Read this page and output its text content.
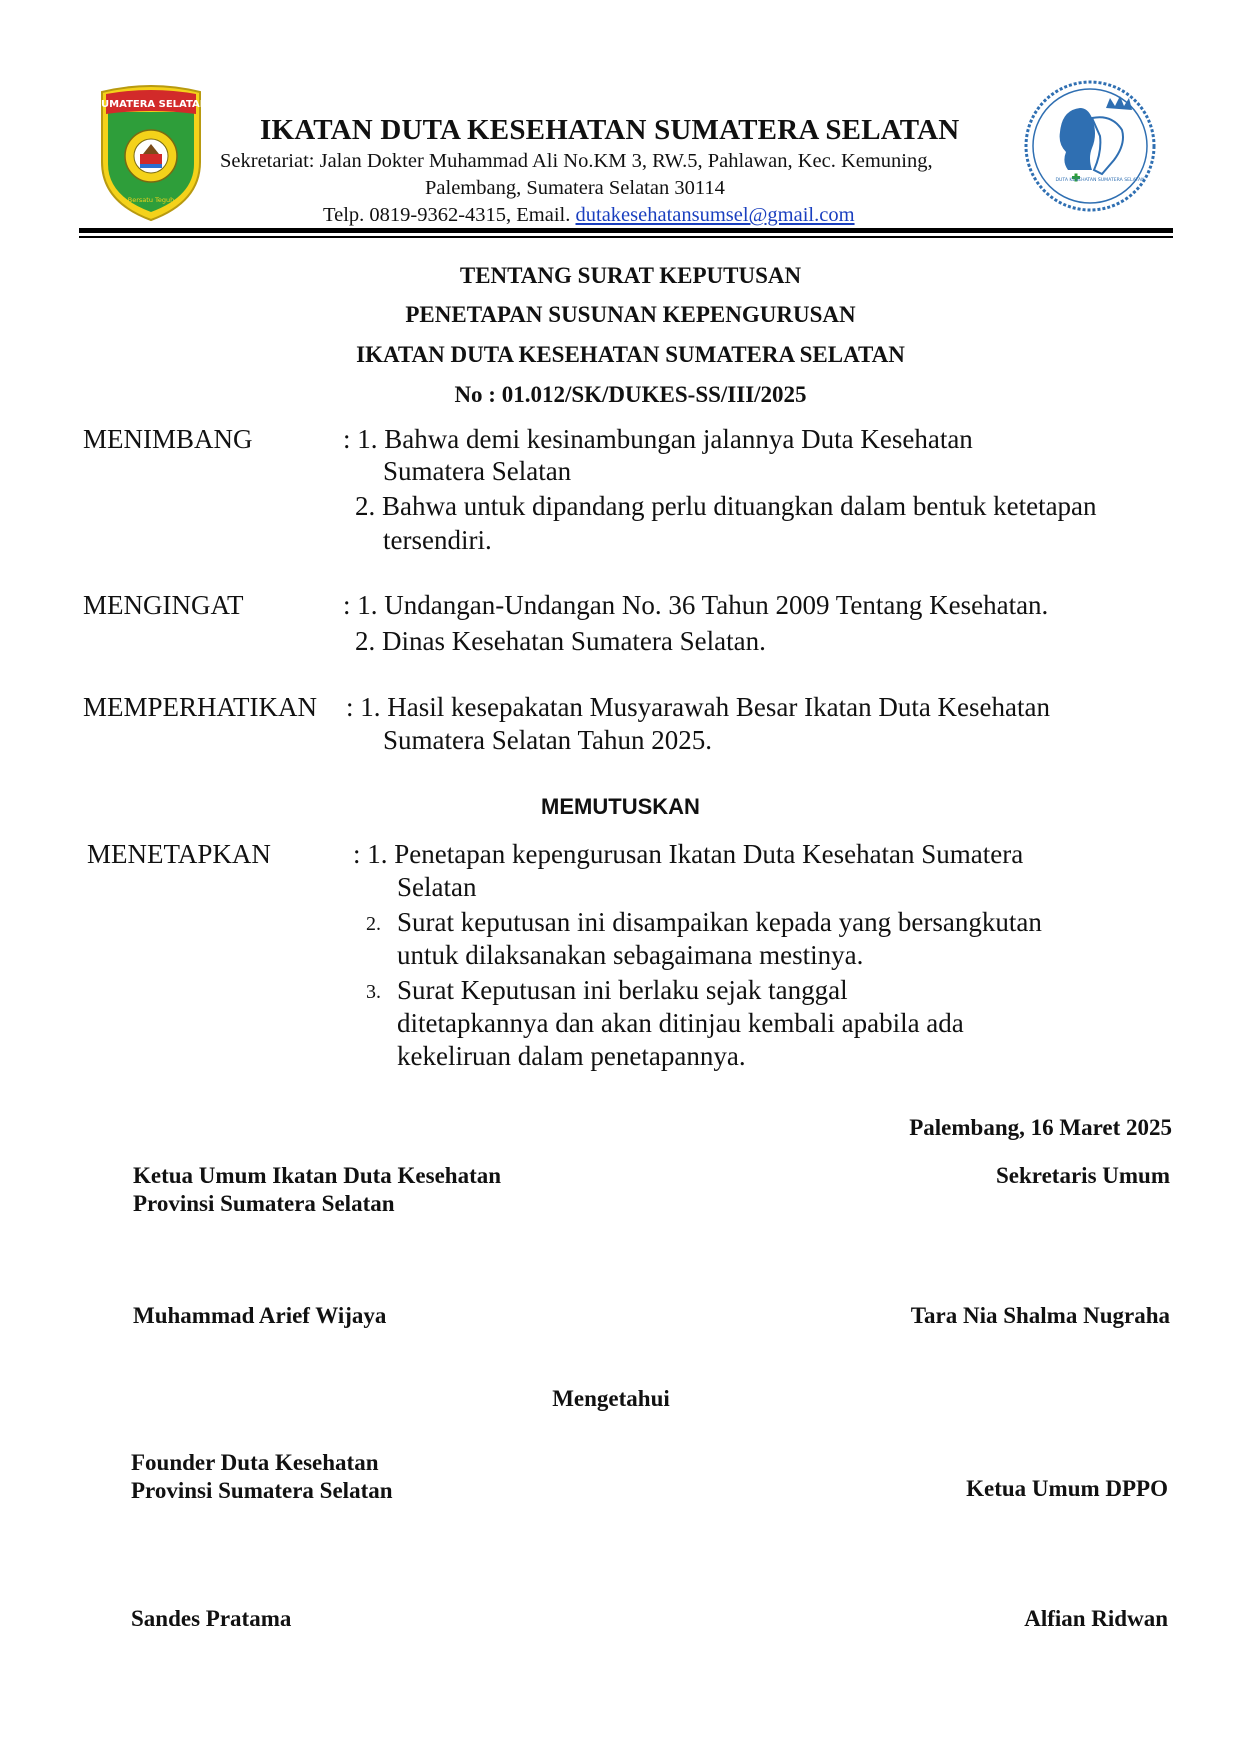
SUMATERA SELATAN
Bersatu Teguh
IKATAN DUTA KESEHATAN SUMATERA SELATAN
Sekretariat: Jalan Dokter Muhammad Ali No.KM 3, RW.5, Pahlawan, Kec. Kemuning,
Palembang, Sumatera Selatan 30114
Telp. 0819-9362-4315, Email. dutakesehatansumsel@gmail.com
DUTA KESEHATAN SUMATERA SELATAN
TENTANG SURAT KEPUTUSAN
PENETAPAN SUSUNAN KEPENGURUSAN
IKATAN DUTA KESEHATAN SUMATERA SELATAN
No : 01.012/SK/DUKES-SS/III/2025
MENIMBANG	: 1. Bahwa demi kesinambungan jalannya Duta Kesehatan
Sumatera Selatan
2. Bahwa untuk dipandang perlu dituangkan dalam bentuk ketetapan
tersendiri.
MENGINGAT	: 1. Undangan-Undangan No. 36 Tahun 2009 Tentang Kesehatan.
2. Dinas Kesehatan Sumatera Selatan.
MEMPERHATIKAN : 1. Hasil kesepakatan Musyarawah Besar Ikatan Duta Kesehatan
Sumatera Selatan Tahun 2025.
MEMUTUSKAN
MENETAPKAN	: 1. Penetapan kepengurusan Ikatan Duta Kesehatan Sumatera
Selatan
2. Surat keputusan ini disampaikan kepada yang bersangkutan
untuk dilaksanakan sebagaimana mestinya.
3. Surat Keputusan ini berlaku sejak tanggal
ditetapkannya dan akan ditinjau kembali apabila ada
kekeliruan dalam penetapannya.
Palembang, 16 Maret 2025
Ketua Umum Ikatan Duta Kesehatan
Provinsi Sumatera Selatan
Sekretaris Umum
Muhammad Arief Wijaya	Tara Nia Shalma Nugraha
Mengetahui
Founder Duta Kesehatan
Provinsi Sumatera Selatan	Ketua Umum DPPO
Sandes Pratama	Alfian Ridwan
